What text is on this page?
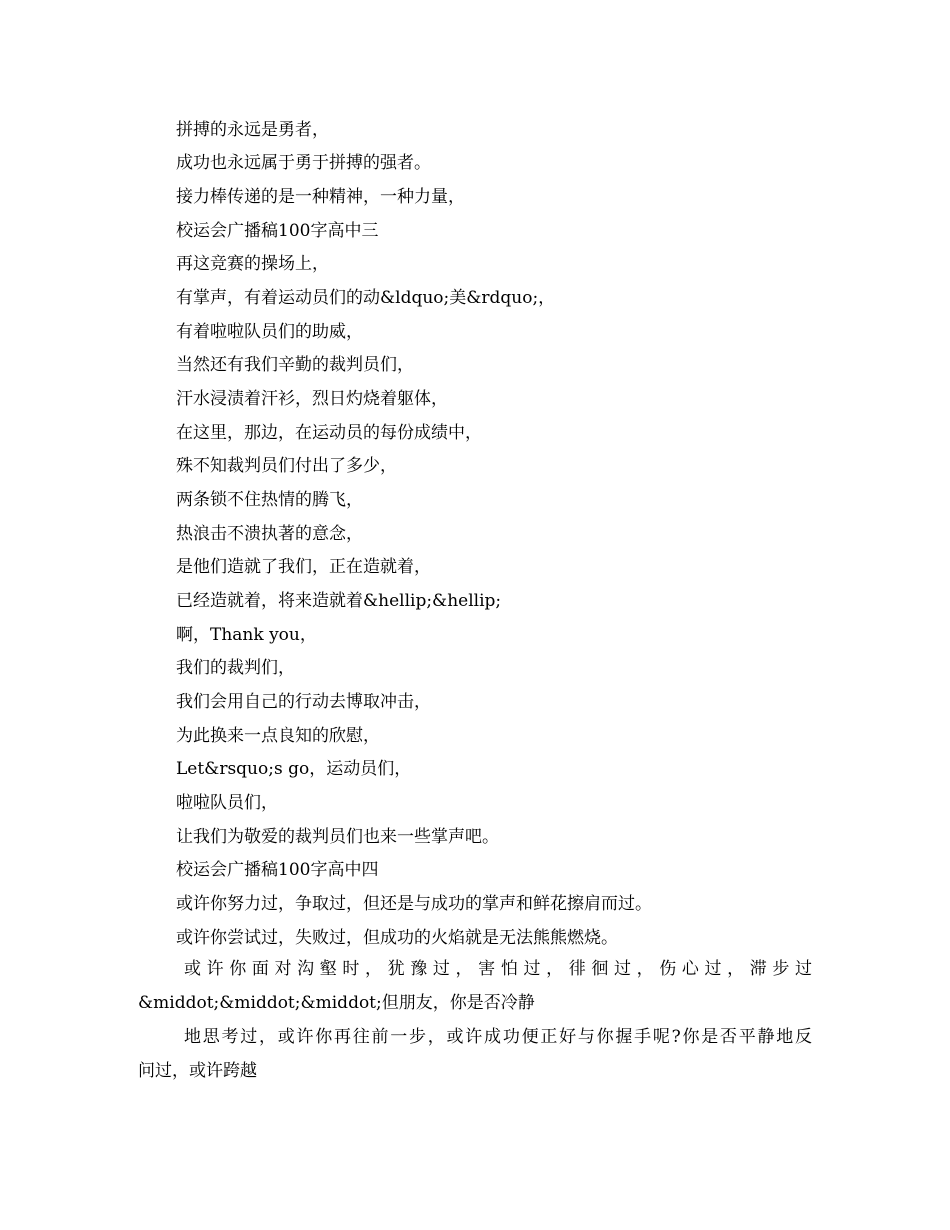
拼搏的永远是勇者，
成功也永远属于勇于拼搏的强者。
接力棒传递的是一种精神，一种力量，
校运会广播稿100字高中三
再这竞赛的操场上，
有掌声，有着运动员们的动&ldquo;美&rdquo;，
有着啦啦队员们的助威，
当然还有我们辛勤的裁判员们，
汗水浸渍着汗衫，烈日灼烧着躯体，
在这里，那边，在运动员的每份成绩中，
殊不知裁判员们付出了多少，
两条锁不住热情的腾飞，
热浪击不溃执著的意念，
是他们造就了我们，正在造就着，
已经造就着，将来造就着&hellip;&hellip;
啊，Thank you，
我们的裁判们，
我们会用自己的行动去博取冲击，
为此换来一点良知的欣慰，
Let&rsquo;s go，运动员们，
啦啦队员们，
让我们为敬爱的裁判员们也来一些掌声吧。
校运会广播稿100字高中四
或许你努力过，争取过，但还是与成功的掌声和鲜花擦肩而过。
或许你尝试过，失败过，但成功的火焰就是无法熊熊燃烧。
或许你面对沟壑时，犹豫过，害怕过，徘徊过，伤心过，滞步过
&middot;&middot;&middot;但朋友，你是否冷静
地思考过，或许你再往前一步，或许成功便正好与你握手呢?你是否平静地反
问过，或许跨越
